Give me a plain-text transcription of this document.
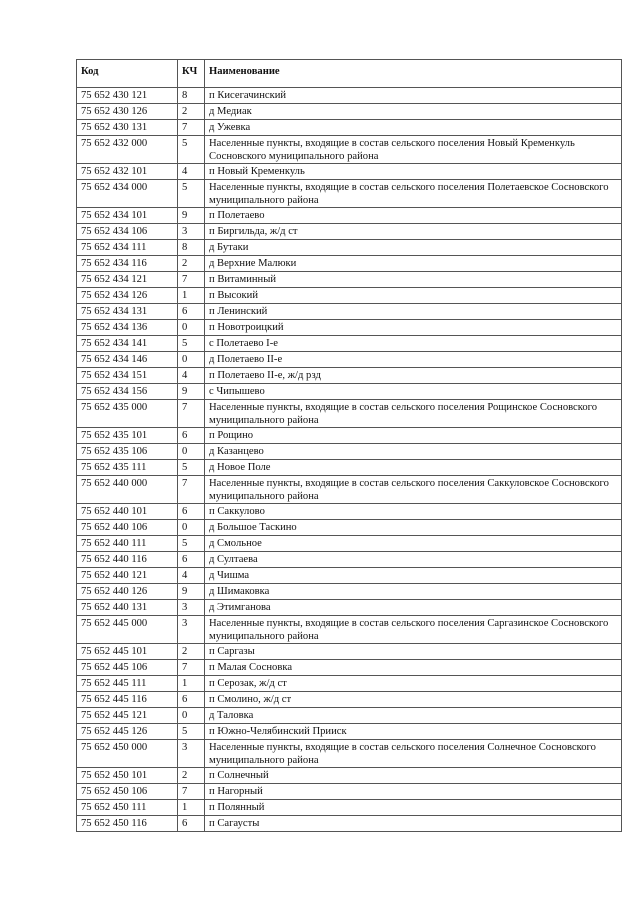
Код	КЧ	Наименование
75 652 430 121	8	п Кисегачинский
75 652 430 126	2	д Медиак
75 652 430 131	7	д Ужевка
75 652 432 000	5	Населенные пункты, входящие в состав сельского поселения Новый Кременкуль Сосновского муниципального района
75 652 432 101	4	п Новый Кременкуль
75 652 434 000	5	Населенные пункты, входящие в состав сельского поселения Полетаевское Сосновского муниципального района
75 652 434 101	9	п Полетаево
75 652 434 106	3	п Биргильда, ж/д ст
75 652 434 111	8	д Бутаки
75 652 434 116	2	д Верхние Малюки
75 652 434 121	7	п Витаминный
75 652 434 126	1	п Высокий
75 652 434 131	6	п Ленинский
75 652 434 136	0	п Новотроицкий
75 652 434 141	5	с Полетаево I-е
75 652 434 146	0	д Полетаево II-е
75 652 434 151	4	п Полетаево II-е, ж/д рзд
75 652 434 156	9	с Чипышево
75 652 435 000	7	Населенные пункты, входящие в состав сельского поселения Рощинское Сосновского муниципального района
75 652 435 101	6	п Рощино
75 652 435 106	0	д Казанцево
75 652 435 111	5	д Новое Поле
75 652 440 000	7	Населенные пункты, входящие в состав сельского поселения Саккуловское Сосновского муниципального района
75 652 440 101	6	п Саккулово
75 652 440 106	0	д Большое Таскино
75 652 440 111	5	д Смольное
75 652 440 116	6	д Султаева
75 652 440 121	4	д Чишма
75 652 440 126	9	д Шимаковка
75 652 440 131	3	д Этимганова
75 652 445 000	3	Населенные пункты, входящие в состав сельского поселения Саргазинское Сосновского муниципального района
75 652 445 101	2	п Саргазы
75 652 445 106	7	п Малая Сосновка
75 652 445 111	1	п Серозак, ж/д ст
75 652 445 116	6	п Смолино, ж/д ст
75 652 445 121	0	д Таловка
75 652 445 126	5	п Южно-Челябинский Прииск
75 652 450 000	3	Населенные пункты, входящие в состав сельского поселения Солнечное Сосновского муниципального района
75 652 450 101	2	п Солнечный
75 652 450 106	7	п Нагорный
75 652 450 111	1	п Полянный
75 652 450 116	6	п Сагаусты
